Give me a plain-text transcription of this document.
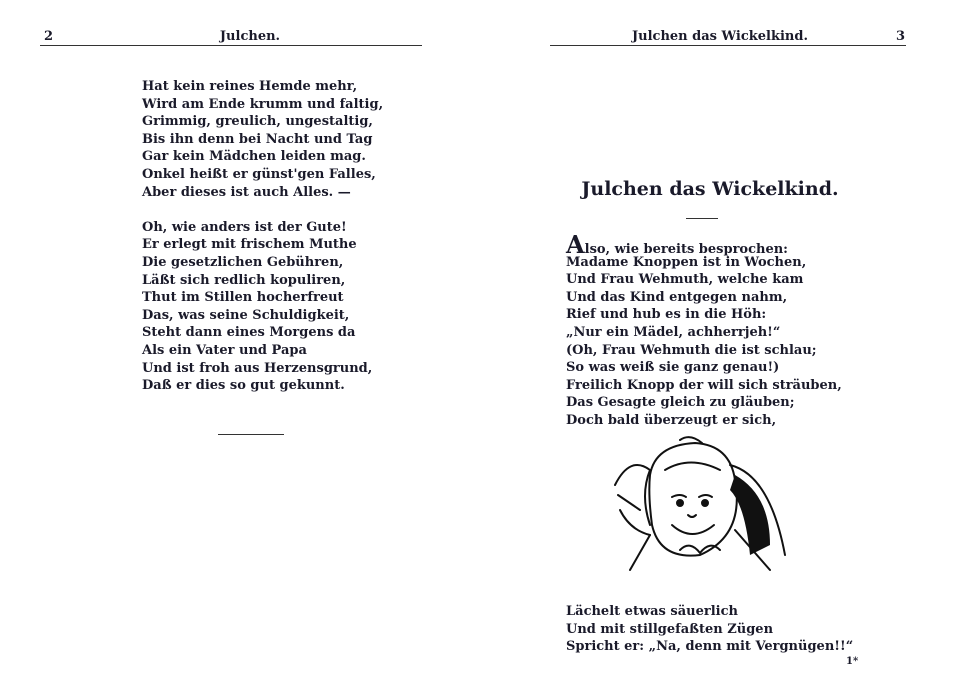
2	Julchen.
Hat kein reines Hemde mehr,
Wird am Ende krumm und faltig,
Grimmig, greulich, ungestaltig,
Bis ihn denn bei Nacht und Tag
Gar kein Mädchen leiden mag.
Onkel heißt er günst'gen Falles,
Aber dieses ist auch Alles. —
Oh, wie anders ist der Gute!
Er erlegt mit frischem Muthe
Die gesetzlichen Gebühren,
Läßt sich redlich kopuliren,
Thut im Stillen hocherfreut
Das, was seine Schuldigkeit,
Steht dann eines Morgens da
Als ein Vater und Papa
Und ist froh aus Herzensgrund,
Daß er dies so gut gekunnt.
Julchen das Wickelkind.	3
Julchen das Wickelkind.
Also, wie bereits besprochen:
Madame Knoppen ist in Wochen,
Und Frau Wehmuth, welche kam
Und das Kind entgegen nahm,
Rief und hub es in die Höh:
„Nur ein Mädel, achherrjeh!“
(Oh, Frau Wehmuth die ist schlau;
So was weiß sie ganz genau!)
Freilich Knopp der will sich sträuben,
Das Gesagte gleich zu gläuben;
Doch bald überzeugt er sich,
Lächelt etwas säuerlich
Und mit stillgefaßten Zügen
Spricht er: „Na, denn mit Vergnügen!!“
1*
